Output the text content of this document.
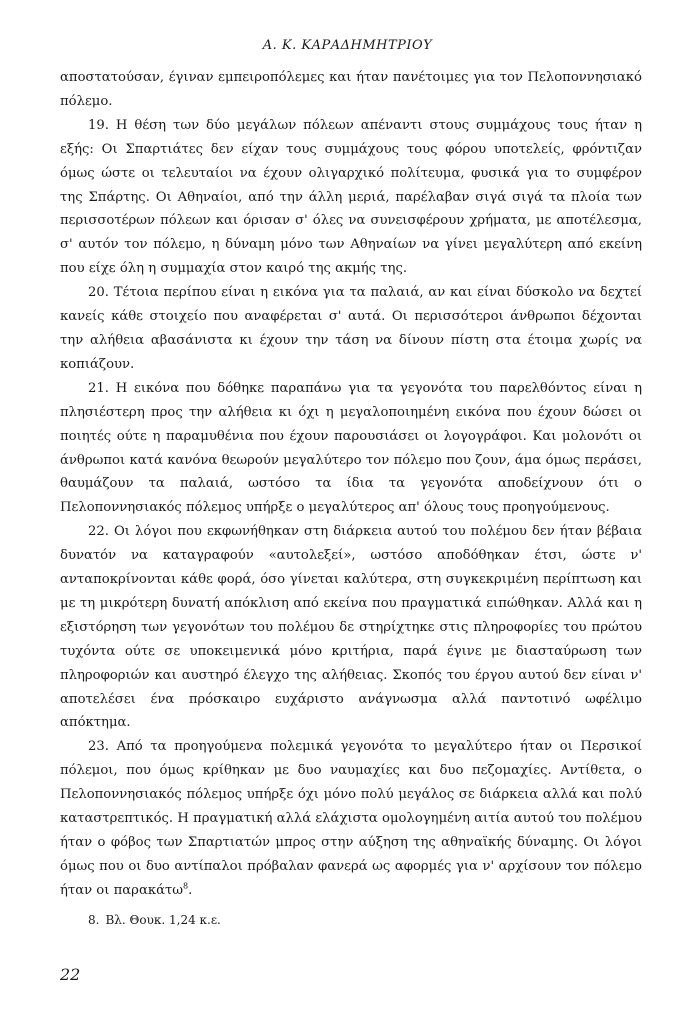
Α. Κ. ΚΑΡΑΔΗΜΗΤΡΙΟΥ

αποστατούσαν, έγιναν εμπειροπόλεμες και ήταν πανέτοιμες για τον Πελοποννησιακό πόλεμο.

19. Η θέση των δύο μεγάλων πόλεων απέναντι στους συμμάχους τους ήταν η εξής: Οι Σπαρτιάτες δεν είχαν τους συμμάχους τους φόρου υποτελείς, φρόντιζαν όμως ώστε οι τελευταίοι να έχουν ολιγαρχικό πολίτευμα, φυσικά για το συμφέρον της Σπάρτης. Οι Αθηναίοι, από την άλλη μεριά, παρέλαβαν σιγά σιγά τα πλοία των περισσοτέρων πόλεων και όρισαν σ' όλες να συνεισφέρουν χρήματα, με αποτέλεσμα, σ' αυτόν τον πόλεμο, η δύναμη μόνο των Αθηναίων να γίνει μεγαλύτερη από εκείνη που είχε όλη η συμμαχία στον καιρό της ακμής της.

20. Τέτοια περίπου είναι η εικόνα για τα παλαιά, αν και είναι δύσκολο να δεχτεί κανείς κάθε στοιχείο που αναφέρεται σ' αυτά. Οι περισσότεροι άνθρωποι δέχονται την αλήθεια αβασάνιστα κι έχουν την τάση να δίνουν πίστη στα έτοιμα χωρίς να κοπιάζουν.

21. Η εικόνα που δόθηκε παραπάνω για τα γεγονότα του παρελθόντος είναι η πλησιέστερη προς την αλήθεια κι όχι η μεγαλοποιημένη εικόνα που έχουν δώσει οι ποιητές ούτε η παραμυθένια που έχουν παρουσιάσει οι λογογράφοι. Και μολονότι οι άνθρωποι κατά κανόνα θεωρούν μεγαλύτερο τον πόλεμο που ζουν, άμα όμως περάσει, θαυμάζουν τα παλαιά, ωστόσο τα ίδια τα γεγονότα αποδείχνουν ότι ο Πελοποννησιακός πόλεμος υπήρξε ο μεγαλύτερος απ' όλους τους προηγούμενους.

22. Οι λόγοι που εκφωνήθηκαν στη διάρκεια αυτού του πολέμου δεν ήταν βέβαια δυνατόν να καταγραφούν «αυτολεξεί», ωστόσο αποδόθηκαν έτσι, ώστε ν' ανταποκρίνονται κάθε φορά, όσο γίνεται καλύτερα, στη συγκεκριμένη περίπτωση και με τη μικρότερη δυνατή απόκλιση από εκείνα που πραγματικά ειπώθηκαν. Αλλά και η εξιστόρηση των γεγονότων του πολέμου δε στηρίχτηκε στις πληροφορίες του πρώτου τυχόντα ούτε σε υποκειμενικά μόνο κριτήρια, παρά έγινε με διασταύρωση των πληροφοριών και αυστηρό έλεγχο της αλήθειας. Σκοπός του έργου αυτού δεν είναι ν' αποτελέσει ένα πρόσκαιρο ευχάριστο ανάγνωσμα αλλά παντοτινό ωφέλιμο απόκτημα.

23. Από τα προηγούμενα πολεμικά γεγονότα το μεγαλύτερο ήταν οι Περσικοί πόλεμοι, που όμως κρίθηκαν με δυο ναυμαχίες και δυο πεζομαχίες. Αντίθετα, ο Πελοποννησιακός πόλεμος υπήρξε όχι μόνο πολύ μεγάλος σε διάρκεια αλλά και πολύ καταστρεπτικός. Η πραγματική αλλά ελάχιστα ομολογημένη αιτία αυτού του πολέμου ήταν ο φόβος των Σπαρτιατών μπρος στην αύξηση της αθηναϊκής δύναμης. Οι λόγοι όμως που οι δυο αντίπαλοι πρόβαλαν φανερά ως αφορμές για ν' αρχίσουν τον πόλεμο ήταν οι παρακάτω$^8$.

8. Βλ. Θουκ. 1,24 κ.ε.
22
